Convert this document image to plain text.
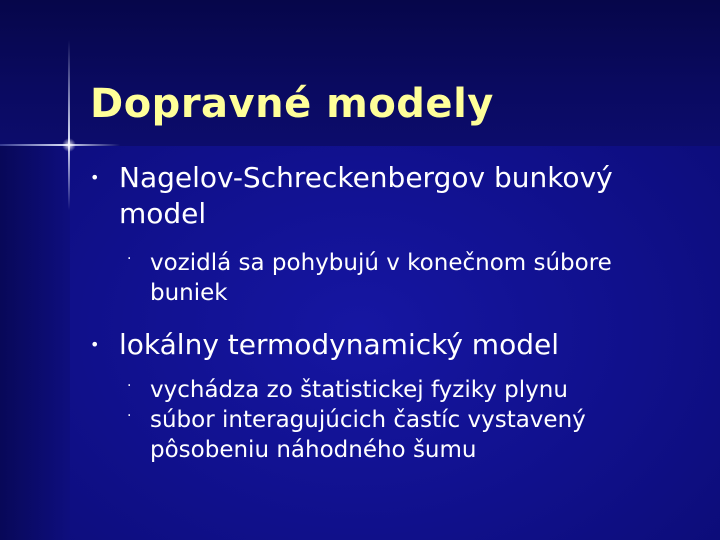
Dopravné modely
• Nagelov-Schreckenbergov bunkový
model
· vozidlá sa pohybujú v konečnom súbore
buniek
• lokálny termodynamický model
· vychádza zo štatistickej fyziky plynu
· súbor interagujúcich častíc vystavený
pôsobeniu náhodného šumu
